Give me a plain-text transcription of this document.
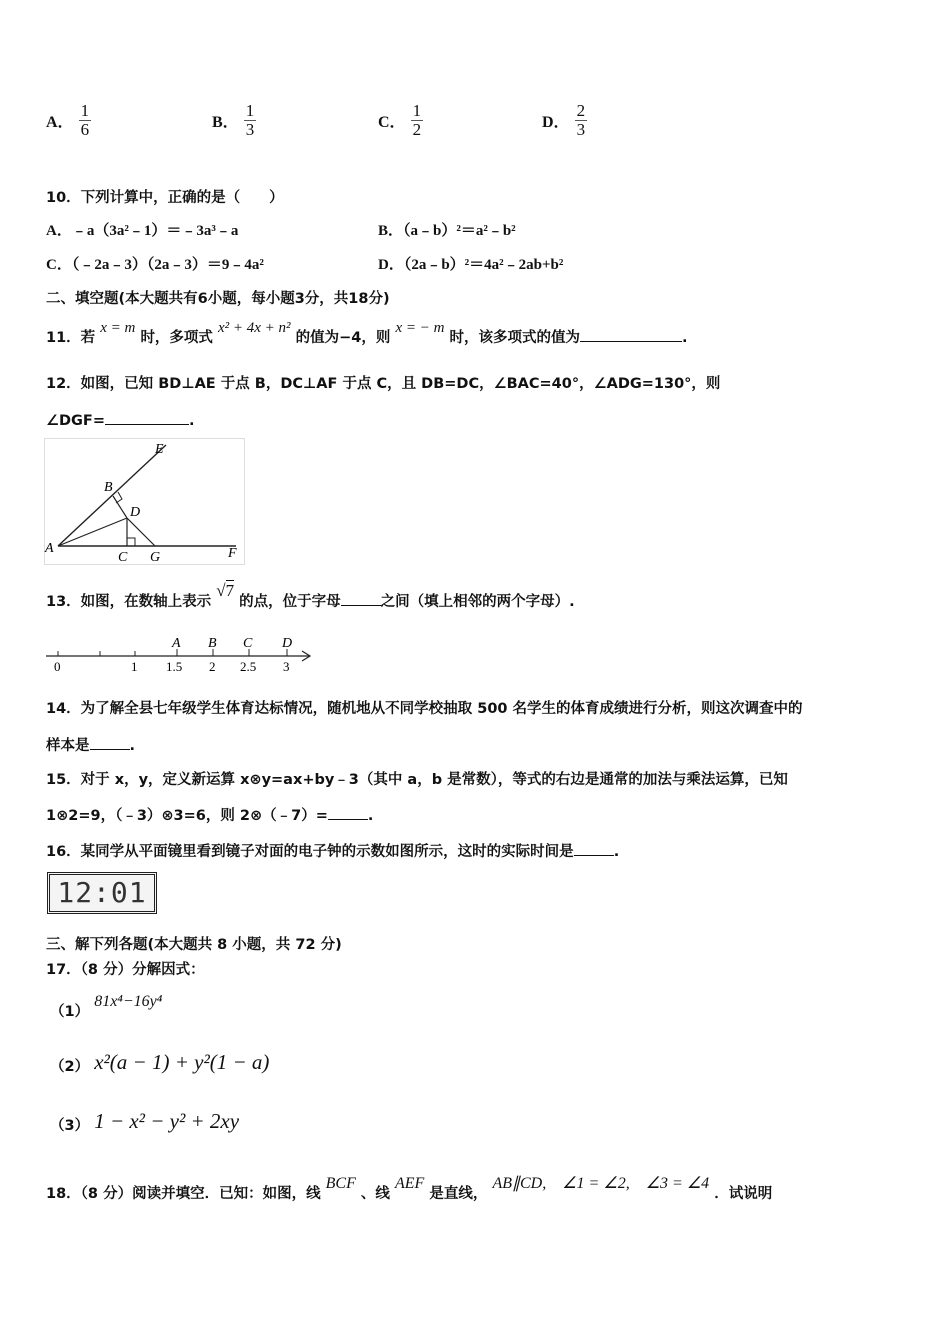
A． $\frac{1}{6}$	B． $\frac{1}{3}$	C． $\frac{1}{2}$	D． $\frac{2}{3}$
10．下列计算中，正确的是（　　）
A．﹣a（3a²﹣1）＝﹣3a³﹣a	B．（a﹣b）²＝a²﹣b²
C．（﹣2a﹣3）（2a﹣3）＝9﹣4a²	D．（2a﹣b）²＝4a²﹣2ab+b²
二、填空题(本大题共有6小题，每小题3分，共18分)
11．若 x = m 时，多项式 x² + 4x + n² 的值为−4，则 x = − m 时，该多项式的值为	.
12．如图，已知 BD⊥AE 于点 B，DC⊥AF 于点 C，且 DB=DC，∠BAC=40°，∠ADG=130°，则
∠DGF=	.
E
B
D
A
C G	F
13．如图，在数轴上表示 √7 的点，位于字母	之间（填上相邻的两个字母）.
0	1 1.5 2 2.5 3
A B C D
14．为了解全县七年级学生体育达标情况，随机地从不同学校抽取 500 名学生的体育成绩进行分析，则这次调查中的
样本是	.
15．对于 x，y，定义新运算 x⊗y=ax+by﹣3（其中 a，b 是常数），等式的右边是通常的加法与乘法运算，已知
1⊗2=9，（﹣3）⊗3=6，则 2⊗（﹣7）=	.
16．某同学从平面镜里看到镜子对面的电子钟的示数如图所示，这时的实际时间是	.
12:01
三、解下列各题(本大题共 8 小题，共 72 分)
17．（8 分）分解因式：
（1） 81x⁴−16y⁴
（2） x²(a − 1) + y²(1 − a)
（3） 1 − x² − y² + 2xy
18．（8 分）阅读并填空．已知：如图，线 BCF 、线 AEF 是直线， AB∥CD,　∠1 = ∠2,　∠3 = ∠4 ．试说明
